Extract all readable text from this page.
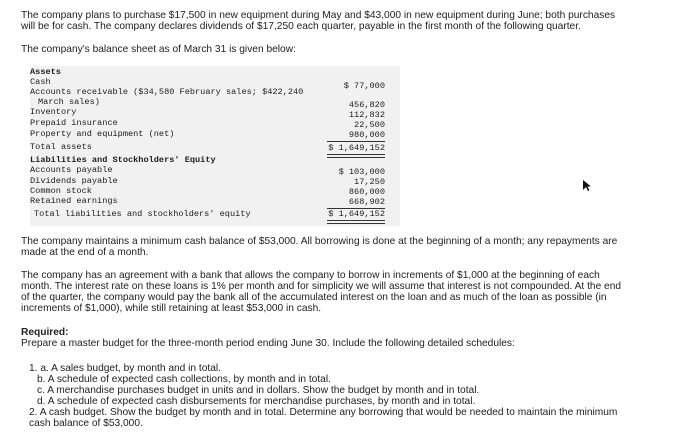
The company plans to purchase $17,500 in new equipment during May and $43,000 in new equipment during June; both purchases

will be for cash. The company declares dividends of $17,250 each quarter, payable in the first month of the following quarter.

The company's balance sheet as of March 31 is given below:

Assets
Cash	$ 77,000
Accounts receivable ($34,580 February sales; $422,240
March sales)	456,820
Inventory	112,832
Prepaid insurance	22,500
Property and equipment (net)	980,000
Total assets	$ 1,649,152
Liabilities and Stockholders' Equity
Accounts payable	$ 103,000
Dividends payable	17,250
Common stock	860,000
Retained earnings	668,902
Total liabilities and stockholders' equity	$ 1,649,152

The company maintains a minimum cash balance of $53,000. All borrowing is done at the beginning of a month; any repayments are

made at the end of a month.

The company has an agreement with a bank that allows the company to borrow in increments of $1,000 at the beginning of each

month. The interest rate on these loans is 1% per month and for simplicity we will assume that interest is not compounded. At the end

of the quarter, the company would pay the bank all of the accumulated interest on the loan and as much of the loan as possible (in

increments of $1,000), while still retaining at least $53,000 in cash.

Required:

Prepare a master budget for the three-month period ending June 30. Include the following detailed schedules:

1. a. A sales budget, by month and in total.

b. A schedule of expected cash collections, by month and in total.

c. A merchandise purchases budget in units and in dollars. Show the budget by month and in total.

d. A schedule of expected cash disbursements for merchandise purchases, by month and in total.

2. A cash budget. Show the budget by month and in total. Determine any borrowing that would be needed to maintain the minimum

cash balance of $53,000.
